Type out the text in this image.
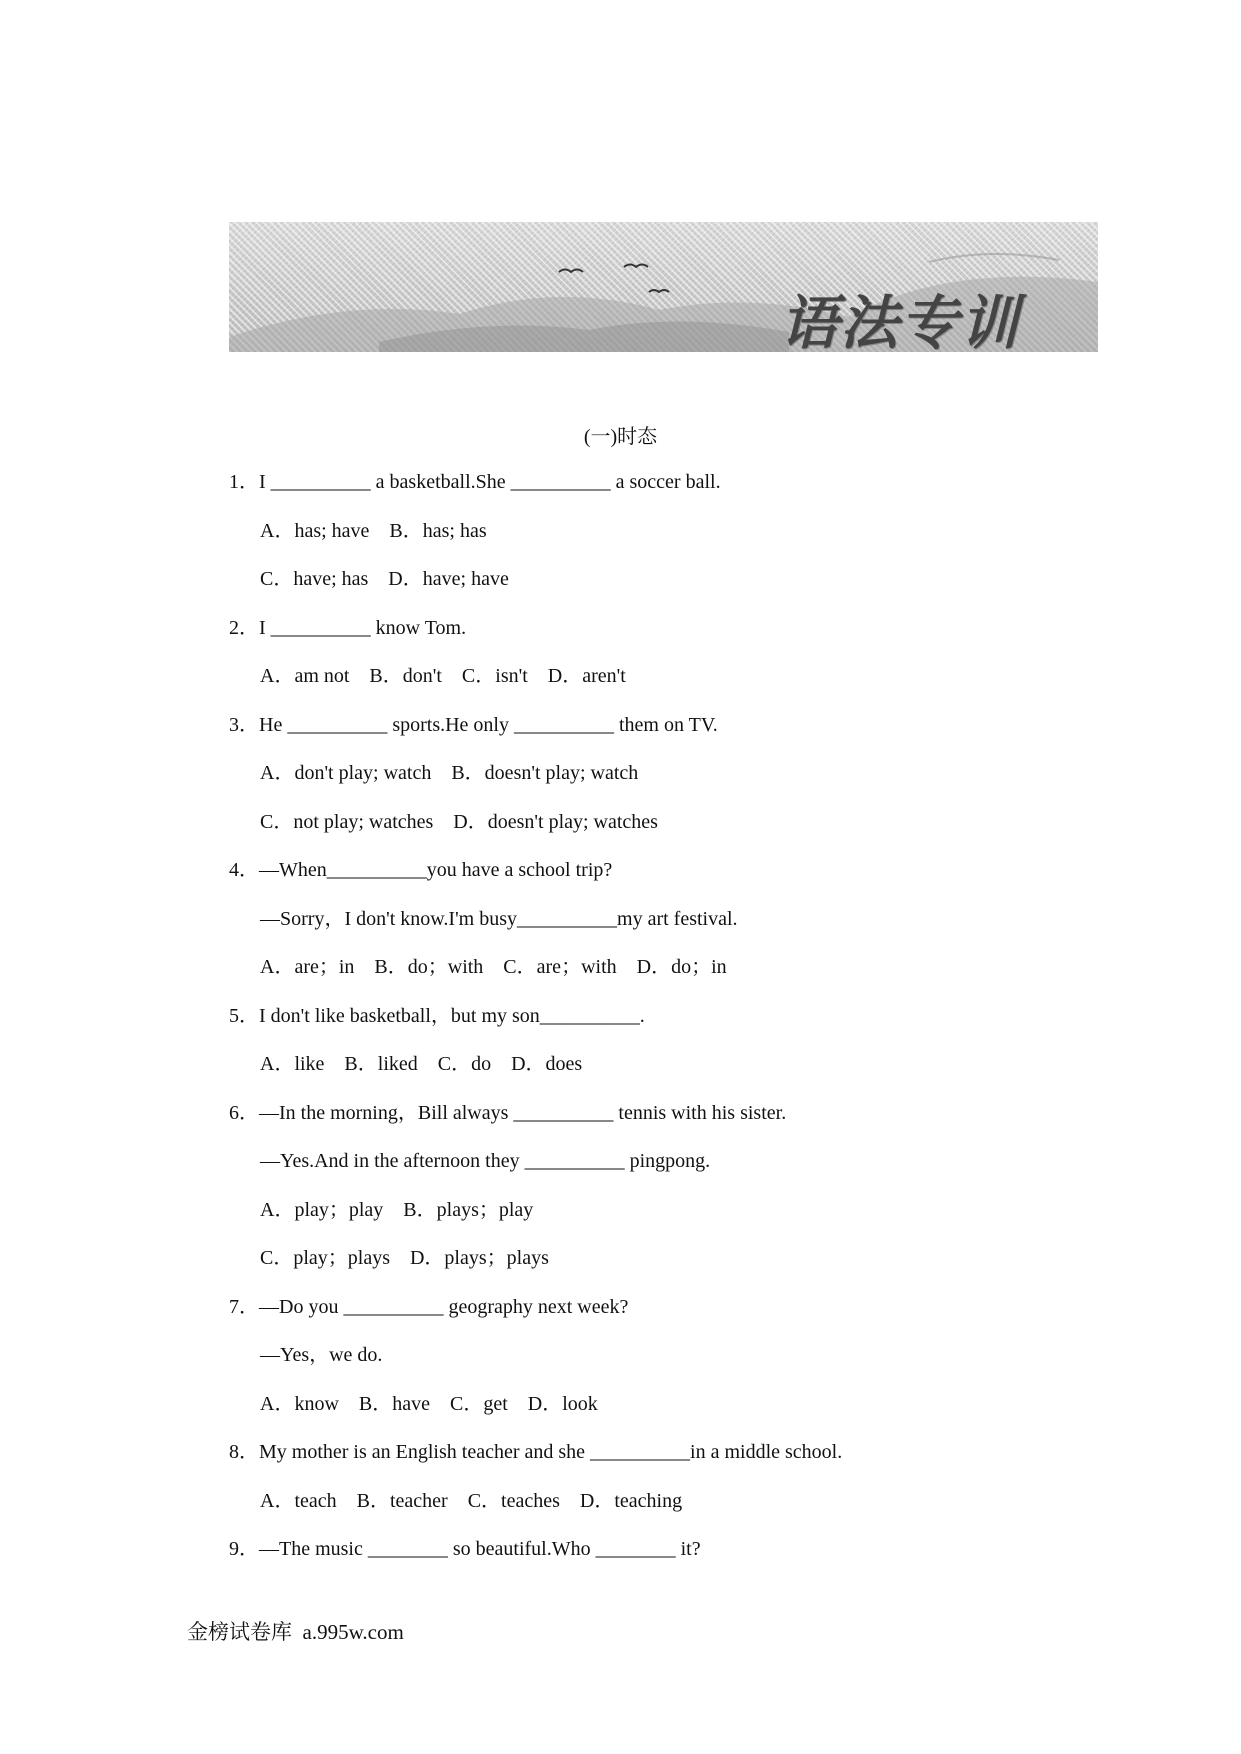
语法专训
(一)时态
1．I __________ a basketball.She __________ a soccer ball.
A．has; have    B．has; has
C．have; has    D．have; have
2．I __________ know Tom.
A．am not    B．don't    C．isn't    D．aren't
3．He __________ sports.He only __________ them on TV.
A．don't play; watch    B．doesn't play; watch
C．not play; watches    D．doesn't play; watches
4．—When__________you have a school trip?
—Sorry，I don't know.I'm busy__________my art festival.
A．are；in    B．do；with    C．are；with    D．do；in
5．I don't like basketball，but my son__________.
A．like    B．liked    C．do    D．does
6．—In the morning，Bill always __________ tennis with his sister.
—Yes.And in the afternoon they __________ pingpong.
A．play；play    B．plays；play
C．play；plays    D．plays；plays
7．—Do you __________ geography next week?
—Yes，we do.
A．know    B．have    C．get    D．look
8．My mother is an English teacher and she __________in a middle school.
A．teach    B．teacher    C．teaches    D．teaching
9．—The music ________ so beautiful.Who ________ it?
金榜试卷库  a.995w.com
